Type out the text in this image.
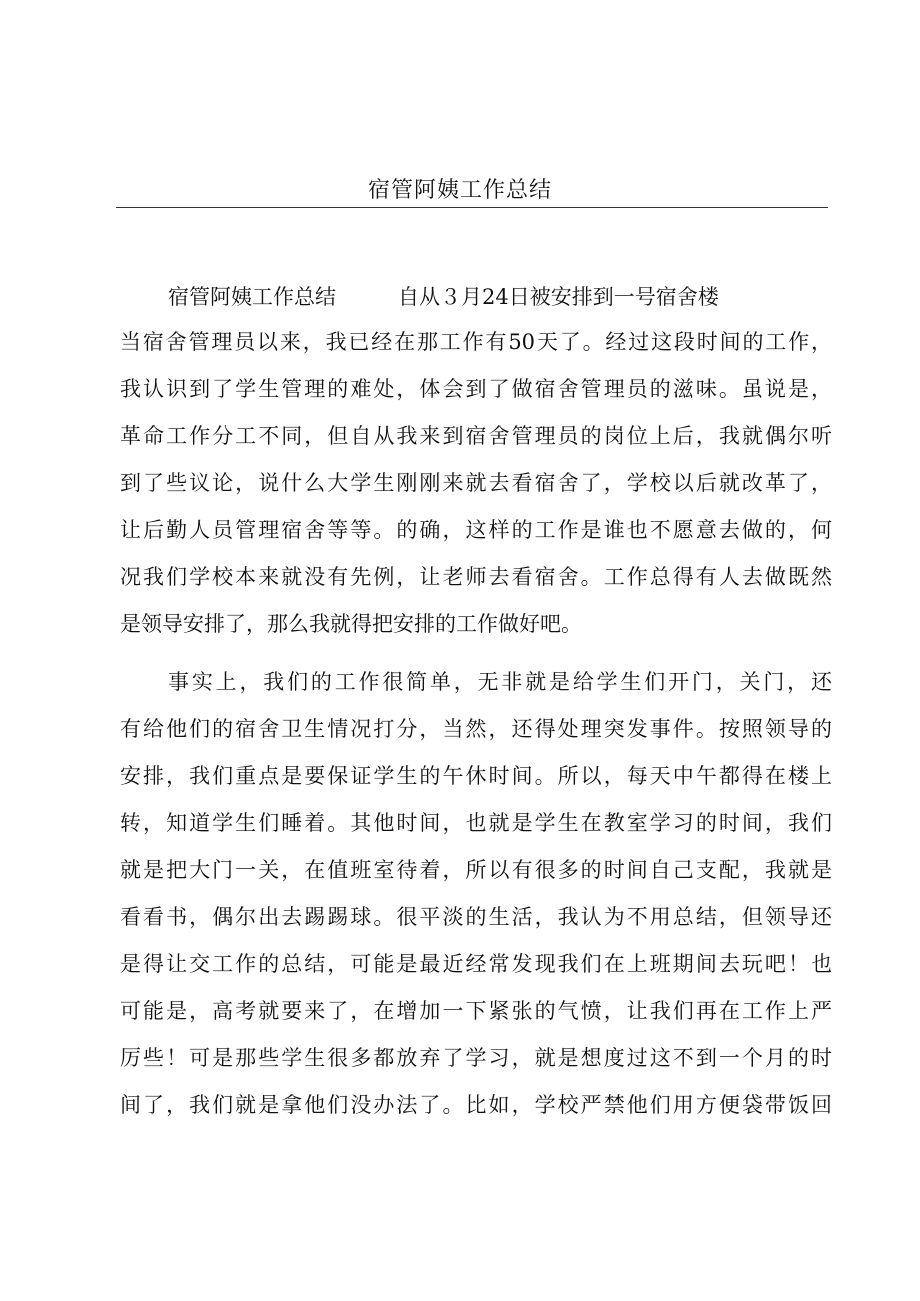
宿管阿姨工作总结
宿管阿姨工作总结	自从３月24日被安排到一号宿舍楼
当宿舍管理员以来，我已经在那工作有50天了。经过这段时间的工作，
我认识到了学生管理的难处，体会到了做宿舍管理员的滋味。虽说是，
革命工作分工不同，但自从我来到宿舍管理员的岗位上后，我就偶尔听
到了些议论，说什么大学生刚刚来就去看宿舍了，学校以后就改革了，
让后勤人员管理宿舍等等。的确，这样的工作是谁也不愿意去做的，何
况我们学校本来就没有先例，让老师去看宿舍。工作总得有人去做既然
是领导安排了，那么我就得把安排的工作做好吧。
事实上，我们的工作很简单，无非就是给学生们开门，关门，还
有给他们的宿舍卫生情况打分，当然，还得处理突发事件。按照领导的
安排，我们重点是要保证学生的午休时间。所以，每天中午都得在楼上
转，知道学生们睡着。其他时间，也就是学生在教室学习的时间，我们
就是把大门一关，在值班室待着，所以有很多的时间自己支配，我就是
看看书，偶尔出去踢踢球。很平淡的生活，我认为不用总结，但领导还
是得让交工作的总结，可能是最近经常发现我们在上班期间去玩吧！也
可能是，高考就要来了，在增加一下紧张的气愤，让我们再在工作上严
厉些！可是那些学生很多都放弃了学习，就是想度过这不到一个月的时
间了，我们就是拿他们没办法了。比如，学校严禁他们用方便袋带饭回
